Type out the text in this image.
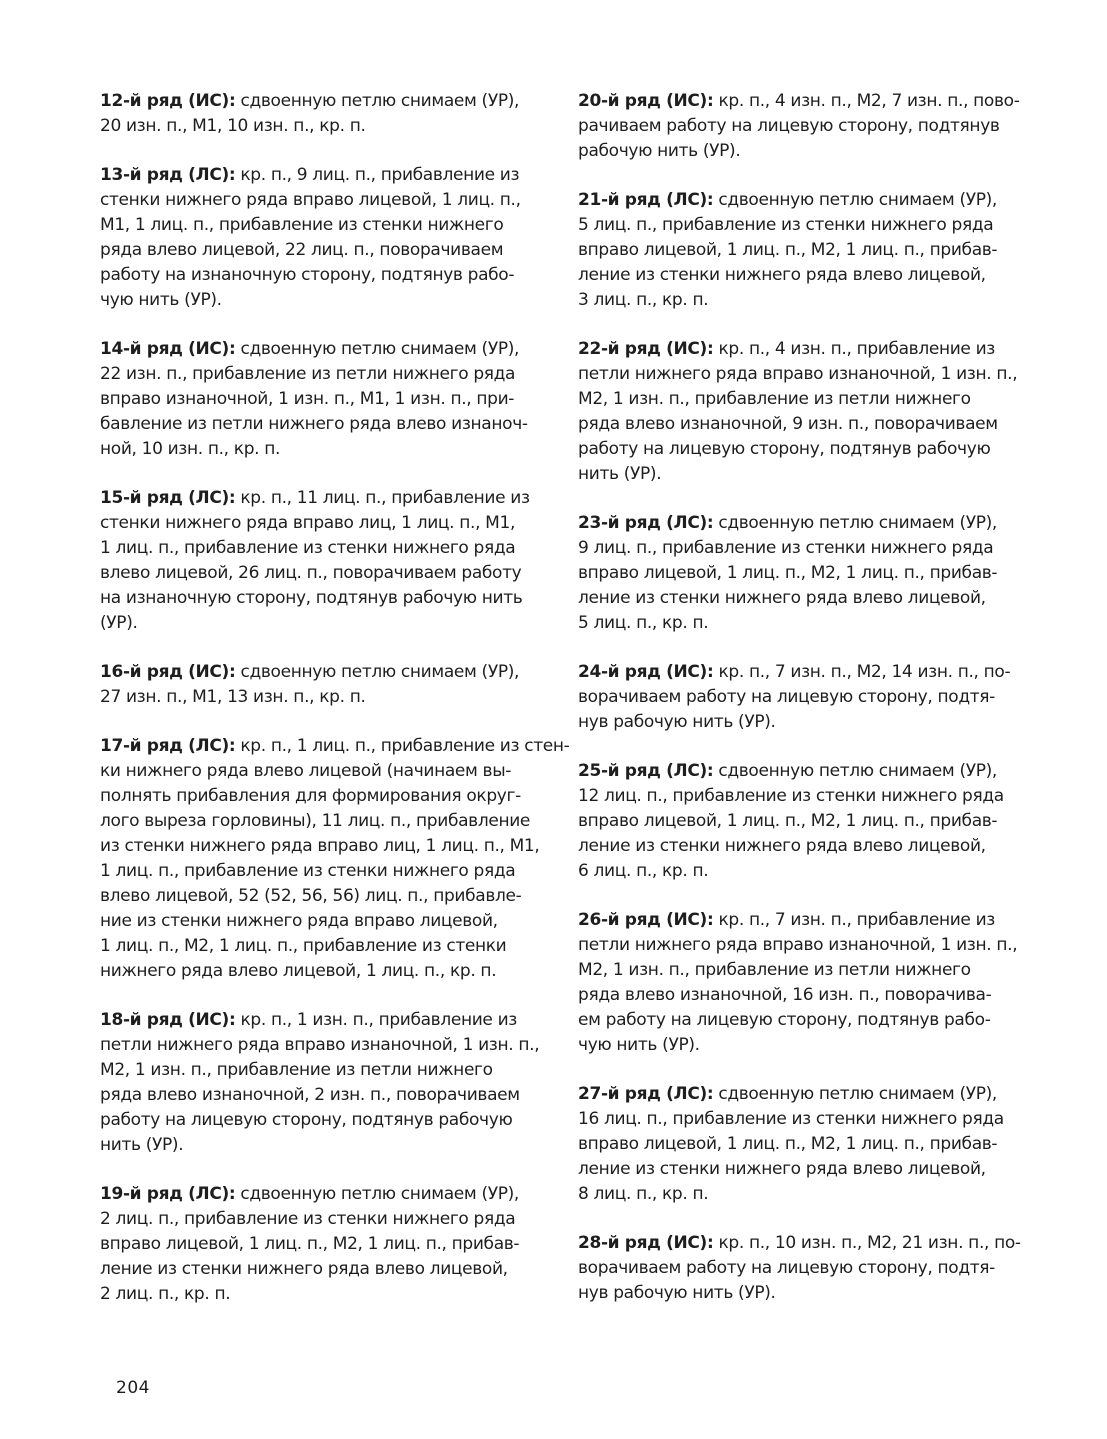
12-й ряд (ИС): сдвоенную петлю снимаем (УР),

20 изн. п., М1, 10 изн. п., кр. п.

13-й ряд (ЛС): кр. п., 9 лиц. п., прибавление из

стенки нижнего ряда вправо лицевой, 1 лиц. п.,

М1, 1 лиц. п., прибавление из стенки нижнего

ряда влево лицевой, 22 лиц. п., поворачиваем

работу на изнаночную сторону, подтянув рабо-

чую нить (УР).

14-й ряд (ИС): сдвоенную петлю снимаем (УР),

22 изн. п., прибавление из петли нижнего ряда

вправо изнаночной, 1 изн. п., М1, 1 изн. п., при-

бавление из петли нижнего ряда влево изнаноч-

ной, 10 изн. п., кр. п.

15-й ряд (ЛС): кр. п., 11 лиц. п., прибавление из

стенки нижнего ряда вправо лиц, 1 лиц. п., М1,

1 лиц. п., прибавление из стенки нижнего ряда

влево лицевой, 26 лиц. п., поворачиваем работу

на изнаночную сторону, подтянув рабочую нить

(УР).

16-й ряд (ИС): сдвоенную петлю снимаем (УР),

27 изн. п., М1, 13 изн. п., кр. п.

17-й ряд (ЛС): кр. п., 1 лиц. п., прибавление из стен-

ки нижнего ряда влево лицевой (начинаем вы-

полнять прибавления для формирования округ-

лого выреза горловины), 11 лиц. п., прибавление

из стенки нижнего ряда вправо лиц, 1 лиц. п., М1,

1 лиц. п., прибавление из стенки нижнего ряда

влево лицевой, 52 (52, 56, 56) лиц. п., прибавле-

ние из стенки нижнего ряда вправо лицевой,

1 лиц. п., М2, 1 лиц. п., прибавление из стенки

нижнего ряда влево лицевой, 1 лиц. п., кр. п.

18-й ряд (ИС): кр. п., 1 изн. п., прибавление из

петли нижнего ряда вправо изнаночной, 1 изн. п.,

М2, 1 изн. п., прибавление из петли нижнего

ряда влево изнаночной, 2 изн. п., поворачиваем

работу на лицевую сторону, подтянув рабочую

нить (УР).

19-й ряд (ЛС): сдвоенную петлю снимаем (УР),

2 лиц. п., прибавление из стенки нижнего ряда

вправо лицевой, 1 лиц. п., М2, 1 лиц. п., прибав-

ление из стенки нижнего ряда влево лицевой,

2 лиц. п., кр. п.

20-й ряд (ИС): кр. п., 4 изн. п., М2, 7 изн. п., пово-

рачиваем работу на лицевую сторону, подтянув

рабочую нить (УР).

21-й ряд (ЛС): сдвоенную петлю снимаем (УР),

5 лиц. п., прибавление из стенки нижнего ряда

вправо лицевой, 1 лиц. п., М2, 1 лиц. п., прибав-

ление из стенки нижнего ряда влево лицевой,

3 лиц. п., кр. п.

22-й ряд (ИС): кр. п., 4 изн. п., прибавление из

петли нижнего ряда вправо изнаночной, 1 изн. п.,

М2, 1 изн. п., прибавление из петли нижнего

ряда влево изнаночной, 9 изн. п., поворачиваем

работу на лицевую сторону, подтянув рабочую

нить (УР).

23-й ряд (ЛС): сдвоенную петлю снимаем (УР),

9 лиц. п., прибавление из стенки нижнего ряда

вправо лицевой, 1 лиц. п., М2, 1 лиц. п., прибав-

ление из стенки нижнего ряда влево лицевой,

5 лиц. п., кр. п.

24-й ряд (ИС): кр. п., 7 изн. п., М2, 14 изн. п., по-

ворачиваем работу на лицевую сторону, подтя-

нув рабочую нить (УР).

25-й ряд (ЛС): сдвоенную петлю снимаем (УР),

12 лиц. п., прибавление из стенки нижнего ряда

вправо лицевой, 1 лиц. п., М2, 1 лиц. п., прибав-

ление из стенки нижнего ряда влево лицевой,

6 лиц. п., кр. п.

26-й ряд (ИС): кр. п., 7 изн. п., прибавление из

петли нижнего ряда вправо изнаночной, 1 изн. п.,

М2, 1 изн. п., прибавление из петли нижнего

ряда влево изнаночной, 16 изн. п., поворачива-

ем работу на лицевую сторону, подтянув рабо-

чую нить (УР).

27-й ряд (ЛС): сдвоенную петлю снимаем (УР),

16 лиц. п., прибавление из стенки нижнего ряда

вправо лицевой, 1 лиц. п., М2, 1 лиц. п., прибав-

ление из стенки нижнего ряда влево лицевой,

8 лиц. п., кр. п.

28-й ряд (ИС): кр. п., 10 изн. п., М2, 21 изн. п., по-

ворачиваем работу на лицевую сторону, подтя-

нув рабочую нить (УР).

204
